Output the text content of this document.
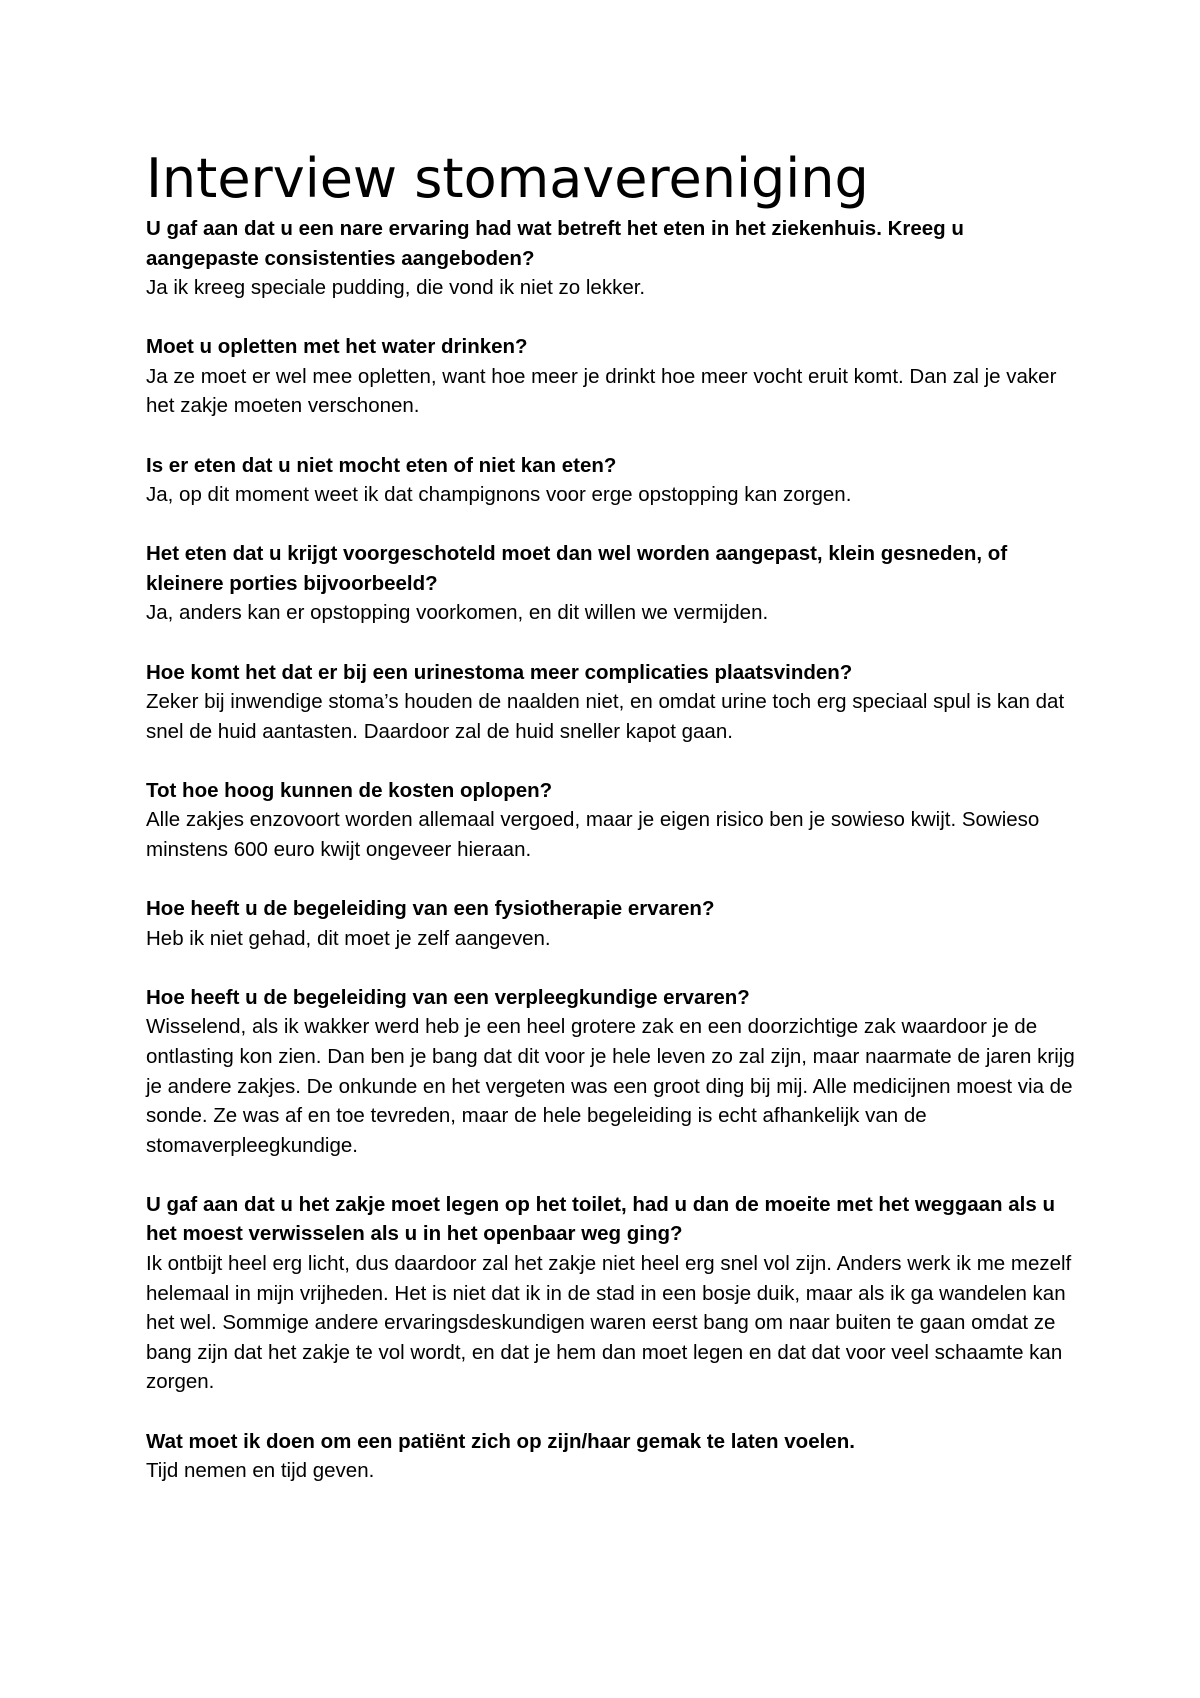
Interview stomavereniging

U gaf aan dat u een nare ervaring had wat betreft het eten in het ziekenhuis. Kreeg u aangepaste consistenties aangeboden?

Ja ik kreeg speciale pudding, die vond ik niet zo lekker.

Moet u opletten met het water drinken?

Ja ze moet er wel mee opletten, want hoe meer je drinkt hoe meer vocht eruit komt. Dan zal je vaker het zakje moeten verschonen.

Is er eten dat u niet mocht eten of niet kan eten?

Ja, op dit moment weet ik dat champignons voor erge opstopping kan zorgen.

Het eten dat u krijgt voorgeschoteld moet dan wel worden aangepast, klein gesneden, of kleinere porties bijvoorbeeld?

Ja, anders kan er opstopping voorkomen, en dit willen we vermijden.

Hoe komt het dat er bij een urinestoma meer complicaties plaatsvinden?

Zeker bij inwendige stoma’s houden de naalden niet, en omdat urine toch erg speciaal spul is kan dat snel de huid aantasten. Daardoor zal de huid sneller kapot gaan.

Tot hoe hoog kunnen de kosten oplopen?

Alle zakjes enzovoort worden allemaal vergoed, maar je eigen risico ben je sowieso kwijt. Sowieso minstens 600 euro kwijt ongeveer hieraan.

Hoe heeft u de begeleiding van een fysiotherapie ervaren?

Heb ik niet gehad, dit moet je zelf aangeven.

Hoe heeft u de begeleiding van een verpleegkundige ervaren?

Wisselend, als ik wakker werd heb je een heel grotere zak en een doorzichtige zak waardoor je de ontlasting kon zien. Dan ben je bang dat dit voor je hele leven zo zal zijn, maar naarmate de jaren krijg je andere zakjes. De onkunde en het vergeten was een groot ding bij mij. Alle medicijnen moest via de sonde. Ze was af en toe tevreden, maar de hele begeleiding is echt afhankelijk van de stomaverpleegkundige.

U gaf aan dat u het zakje moet legen op het toilet, had u dan de moeite met het weggaan als u het moest verwisselen als u in het openbaar weg ging?

Ik ontbijt heel erg licht, dus daardoor zal het zakje niet heel erg snel vol zijn. Anders werk ik me mezelf helemaal in mijn vrijheden. Het is niet dat ik in de stad in een bosje duik, maar als ik ga wandelen kan het wel. Sommige andere ervaringsdeskundigen waren eerst bang om naar buiten te gaan omdat ze bang zijn dat het zakje te vol wordt, en dat je hem dan moet legen en dat dat voor veel schaamte kan zorgen.

Wat moet ik doen om een patiënt zich op zijn/haar gemak te laten voelen.

Tijd nemen en tijd geven.
